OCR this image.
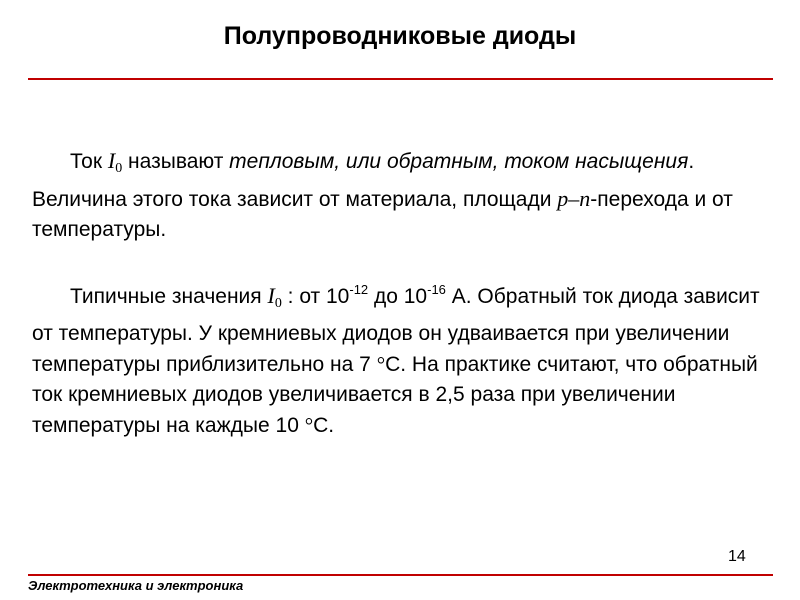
Полупроводниковые диоды

Ток $I_0$ называют тепловым, или обратным, током насыщения. Величина этого тока зависит от материала, площади p–n-перехода и от температуры.

Типичные значения $I_0$ : от $10^{-12}$ до $10^{-16}$ А. Обратный ток диода зависит от температуры. У кремниевых диодов он удваивается при увеличении температуры приблизительно на 7 °С. На практике считают, что обратный ток кремниевых диодов увеличивается в 2,5 раза при увеличении температуры на каждые 10 °С.

14
Электротехника и электроника
